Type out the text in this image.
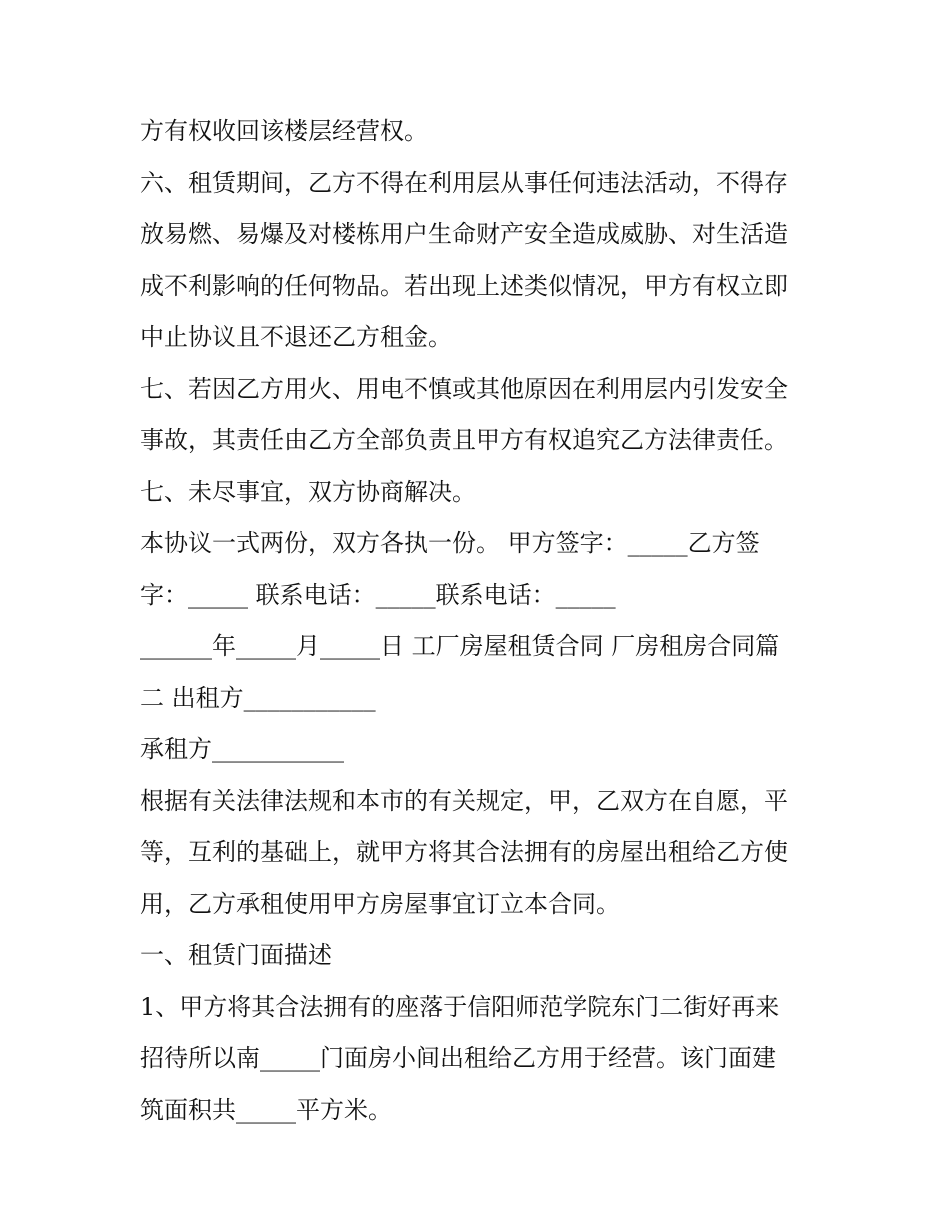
方有权收回该楼层经营权。
六、租赁期间，乙方不得在利用层从事任何违法活动，不得存
放易燃、易爆及对楼栋用户生命财产安全造成威胁、对生活造
成不利影响的任何物品。若出现上述类似情况，甲方有权立即
中止协议且不退还乙方租金。
七、若因乙方用火、用电不慎或其他原因在利用层内引发安全
事故，其责任由乙方全部负责且甲方有权追究乙方法律责任。
七、未尽事宜，双方协商解决。
本协议一式两份，双方各执一份。 甲方签字：_____乙方签
字：_____ 联系电话：_____联系电话：_____
______年_____月_____日 工厂房屋租赁合同 厂房租房合同篇
二 出租方___________
承租方___________
根据有关法律法规和本市的有关规定，甲，乙双方在自愿，平
等，互利的基础上，就甲方将其合法拥有的房屋出租给乙方使
用，乙方承租使用甲方房屋事宜订立本合同。
一、租赁门面描述
1、甲方将其合法拥有的座落于信阳师范学院东门二街好再来
招待所以南_____门面房小间出租给乙方用于经营。该门面建
筑面积共_____平方米。
